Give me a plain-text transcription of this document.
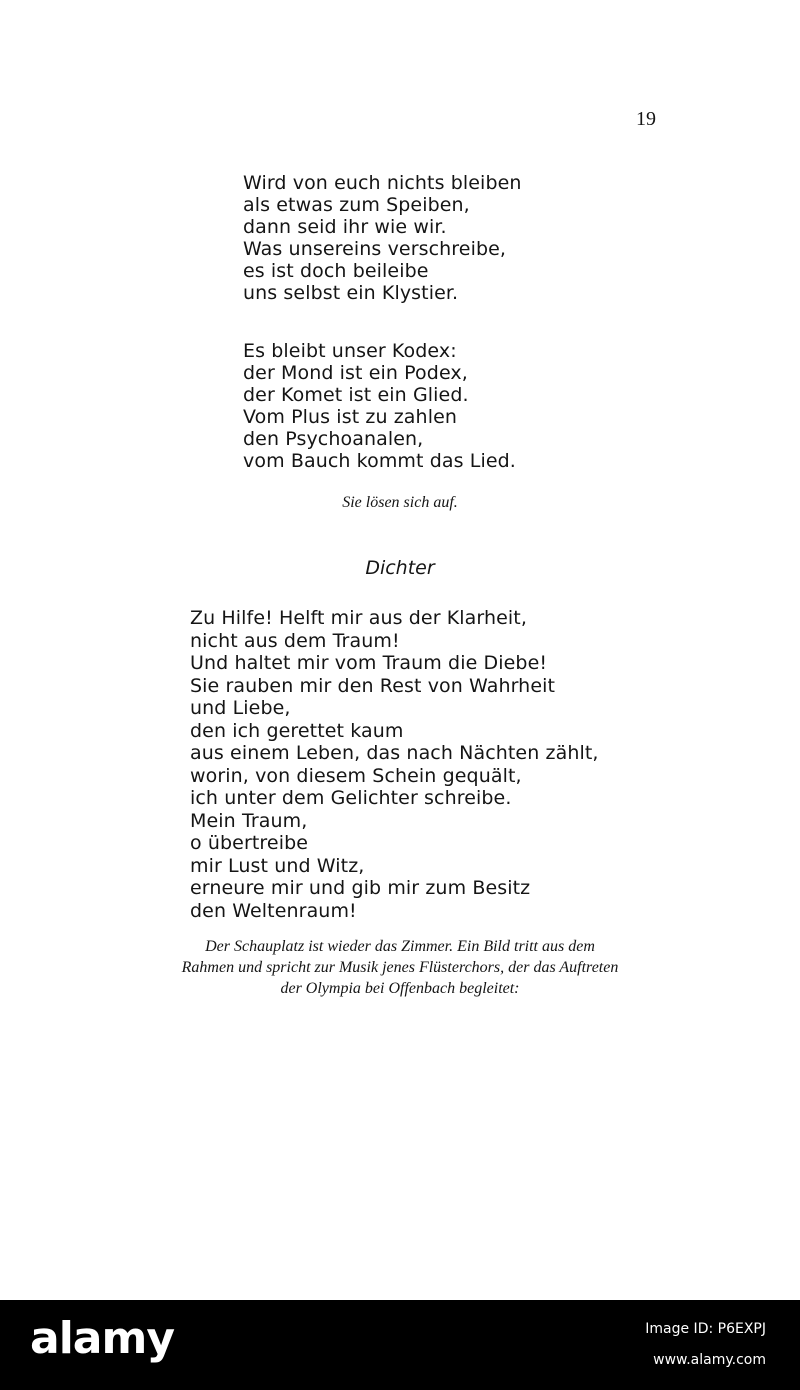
19
Wird von euch nichts bleiben
als etwas zum Speiben,
dann seid ihr wie wir.
Was unsereins verschreibe,
es ist doch beileibe
uns selbst ein Klystier.
Es bleibt unser Kodex:
der Mond ist ein Podex,
der Komet ist ein Glied.
Vom Plus ist zu zahlen
den Psychoanalen,
vom Bauch kommt das Lied.
Sie lösen sich auf.
Dichter
Zu Hilfe! Helft mir aus der Klarheit,
nicht aus dem Traum!
Und haltet mir vom Traum die Diebe!
Sie rauben mir den Rest von Wahrheit
und Liebe,
den ich gerettet kaum
aus einem Leben, das nach Nächten zählt,
worin, von diesem Schein gequält,
ich unter dem Gelichter schreibe.
Mein Traum,
o übertreibe
mir Lust und Witz,
erneure mir und gib mir zum Besitz
den Weltenraum!
Der Schauplatz ist wieder das Zimmer. Ein Bild tritt aus dem
Rahmen und spricht zur Musik jenes Flüsterchors, der das Auftreten
der Olympia bei Offenbach begleitet:
alamy	Image ID: P6EXPJ
www.alamy.com
